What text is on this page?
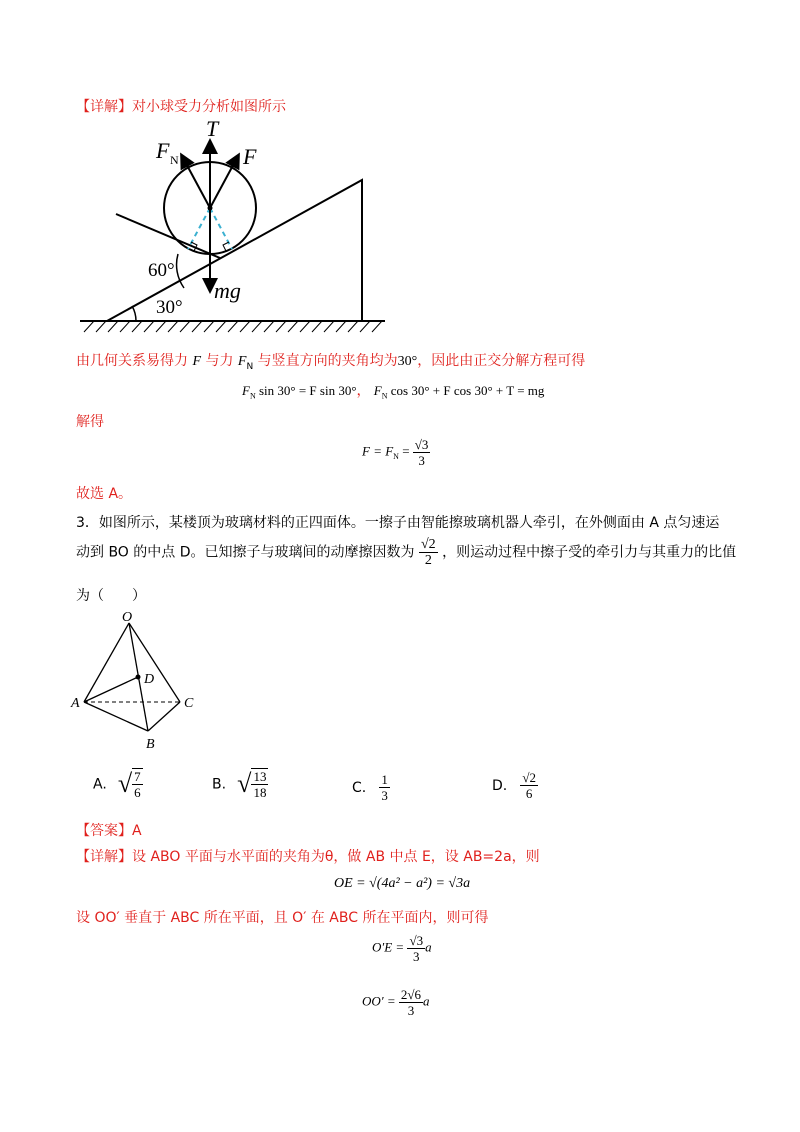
【详解】对小球受力分析如图所示
T
F N	F
mg
60°
30°
由几何关系易得力 F 与力 $F_N$ 与竖直方向的夹角均为30°，因此由正交分解方程可得
$F_N$ sin 30° = F sin 30°， $F_N$ cos 30° + F cos 30° + T = mg
解得
$F = F_N = \frac{√3}{3}$
故选 A。
3．如图所示，某楼顶为玻璃材料的正四面体。一擦子由智能擦玻璃机器人牵引，在外侧面由 A 点匀速运
动到 BO 的中点 D。已知擦子与玻璃间的动摩擦因数为 $\frac{√2}{2}$ ，则运动过程中擦子受的牵引力与其重力的比值
为（　　）
O
D
A	C
B
A. √ $\frac{7}{6}$	B. √ $\frac{13}{18}$	C. $\frac{1}{3}$	D. $\frac{√2}{6}$
【答案】A
【详解】设 ABO 平面与水平面的夹角为θ，做 AB 中点 E，设 AB=2a，则
OE = √(4a² − a²) = √3a
设 OO′ 垂直于 ABC 所在平面，且 O′ 在 ABC 所在平面内，则可得
$O'E = \frac{√3}{3}$ a
$OO' = \frac{2√6}{3}$ a
